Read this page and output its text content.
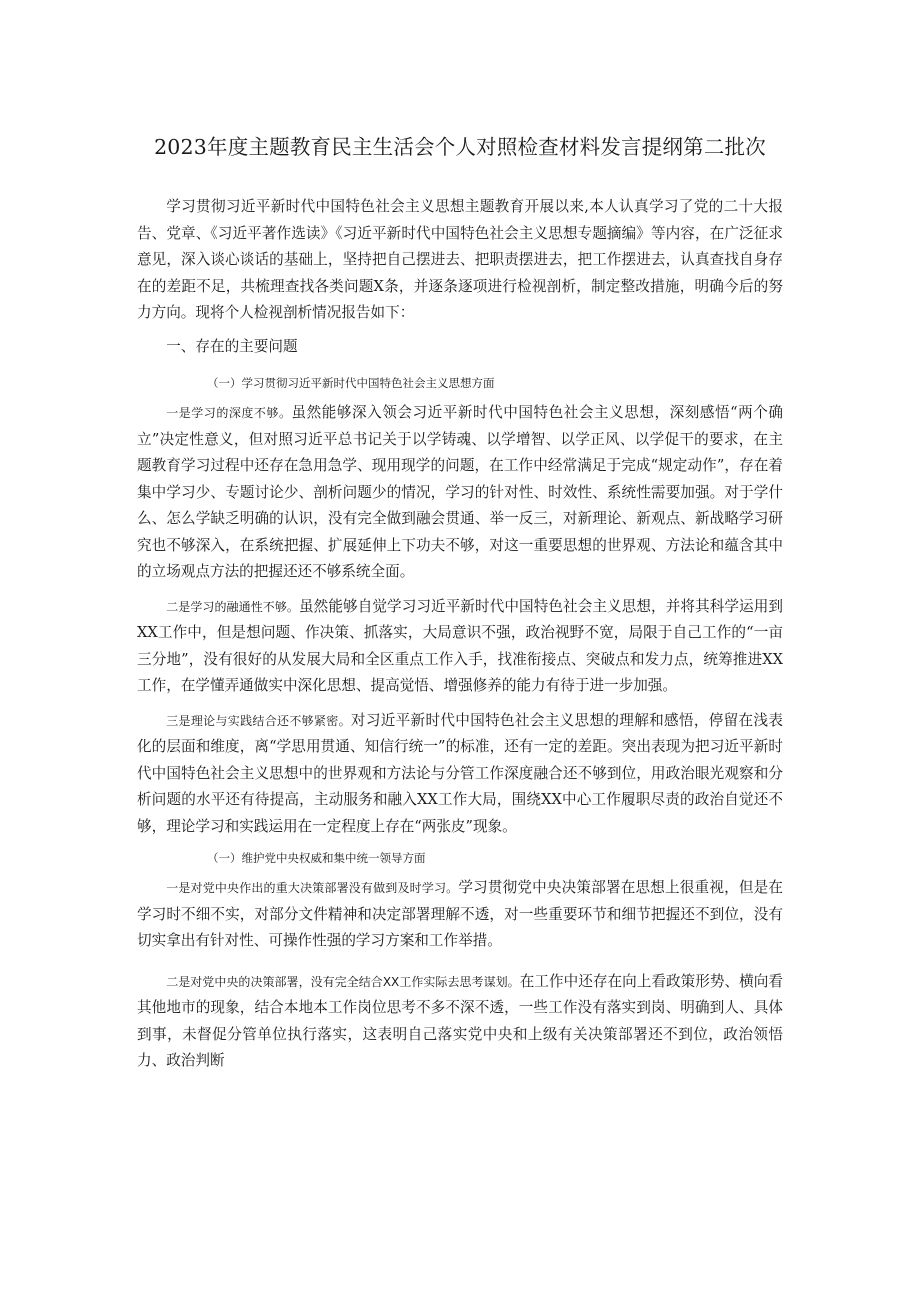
2023年度主题教育民主生活会个人对照检查材料发言提纲第二批次

学习贯彻习近平新时代中国特色社会主义思想主题教育开展以来,本人认真学习了党的二十大报告、党章、《习近平著作选读》《习近平新时代中国特色社会主义思想专题摘编》等内容，在广泛征求意见，深入谈心谈话的基础上，坚持把自己摆进去、把职责摆进去，把工作摆进去，认真查找自身存在的差距不足，共梳理查找各类问题X条，并逐条逐项进行检视剖析，制定整改措施，明确今后的努力方向。现将个人检视剖析情况报告如下：

一、存在的主要问题

（一）学习贯彻习近平新时代中国特色社会主义思想方面

一是学习的深度不够。虽然能够深入领会习近平新时代中国特色社会主义思想，深刻感悟“两个确立”决定性意义，但对照习近平总书记关于以学铸魂、以学增智、以学正风、以学促干的要求，在主题教育学习过程中还存在急用急学、现用现学的问题，在工作中经常满足于完成“规定动作”，存在着集中学习少、专题讨论少、剖析问题少的情况，学习的针对性、时效性、系统性需要加强。对于学什么、怎么学缺乏明确的认识，没有完全做到融会贯通、举一反三，对新理论、新观点、新战略学习研究也不够深入，在系统把握、扩展延伸上下功夫不够，对这一重要思想的世界观、方法论和蕴含其中的立场观点方法的把握还还不够系统全面。

二是学习的融通性不够。虽然能够自觉学习习近平新时代中国特色社会主义思想，并将其科学运用到XX工作中，但是想问题、作决策、抓落实，大局意识不强，政治视野不宽，局限于自己工作的“一亩三分地”，没有很好的从发展大局和全区重点工作入手，找准衔接点、突破点和发力点，统筹推进XX工作，在学懂弄通做实中深化思想、提高觉悟、增强修养的能力有待于进一步加强。

三是理论与实践结合还不够紧密。对习近平新时代中国特色社会主义思想的理解和感悟，停留在浅表化的层面和维度，离“学思用贯通、知信行统一”的标准，还有一定的差距。突出表现为把习近平新时代中国特色社会主义思想中的世界观和方法论与分管工作深度融合还不够到位，用政治眼光观察和分析问题的水平还有待提高，主动服务和融入XX工作大局，围绕XX中心工作履职尽责的政治自觉还不够，理论学习和实践运用在一定程度上存在“两张皮”现象。

（一）维护党中央权威和集中统一领导方面

一是对党中央作出的重大决策部署没有做到及时学习。学习贯彻党中央决策部署在思想上很重视，但是在学习时不细不实，对部分文件精神和决定部署理解不透，对一些重要环节和细节把握还不到位，没有切实拿出有针对性、可操作性强的学习方案和工作举措。

二是对党中央的决策部署，没有完全结合XX工作实际去思考谋划。在工作中还存在向上看政策形势、横向看其他地市的现象，结合本地本工作岗位思考不多不深不透，一些工作没有落实到岗、明确到人、具体到事，未督促分管单位执行落实，这表明自己落实党中央和上级有关决策部署还不到位，政治领悟力、政治判断
